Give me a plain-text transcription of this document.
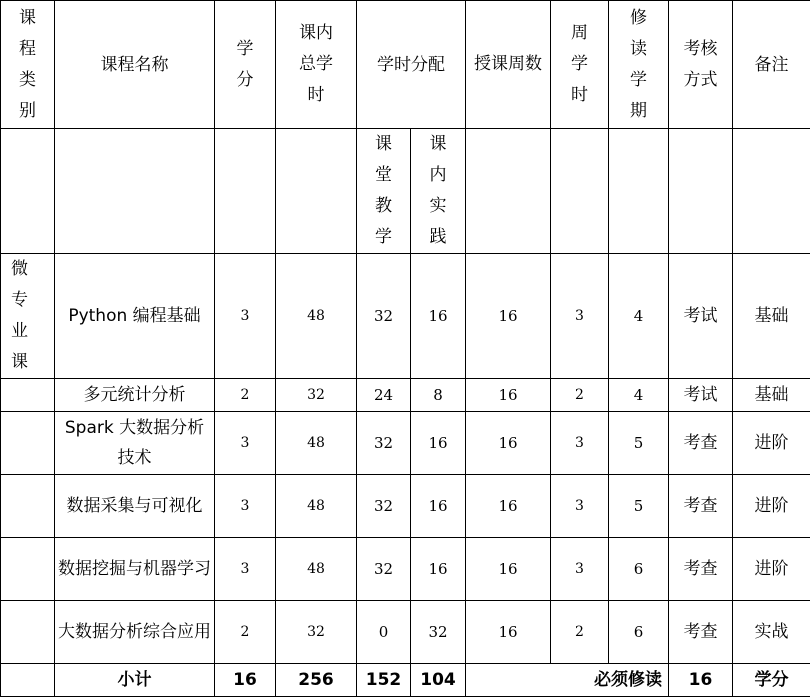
课程类别	课程名称	学分	课内总学时	学时分配		授课周数	周学时	修读学期	考核方式	备注
				课堂教学	课内实践					
微专业课	Python 编程基础	3	48	32	16	16	3	4	考试	基础
	多元统计分析	2	32	24	8	16	2	4	考试	基础
	Spark 大数据分析技术	3	48	32	16	16	3	5	考查	进阶
	数据采集与可视化	3	48	32	16	16	3	5	考查	进阶
	数据挖掘与机器学习	3	48	32	16	16	3	6	考查	进阶
	大数据分析综合应用	2	32	0	32	16	2	6	考查	实战
	小计	16	256	152	104	必须修读			16	学分
